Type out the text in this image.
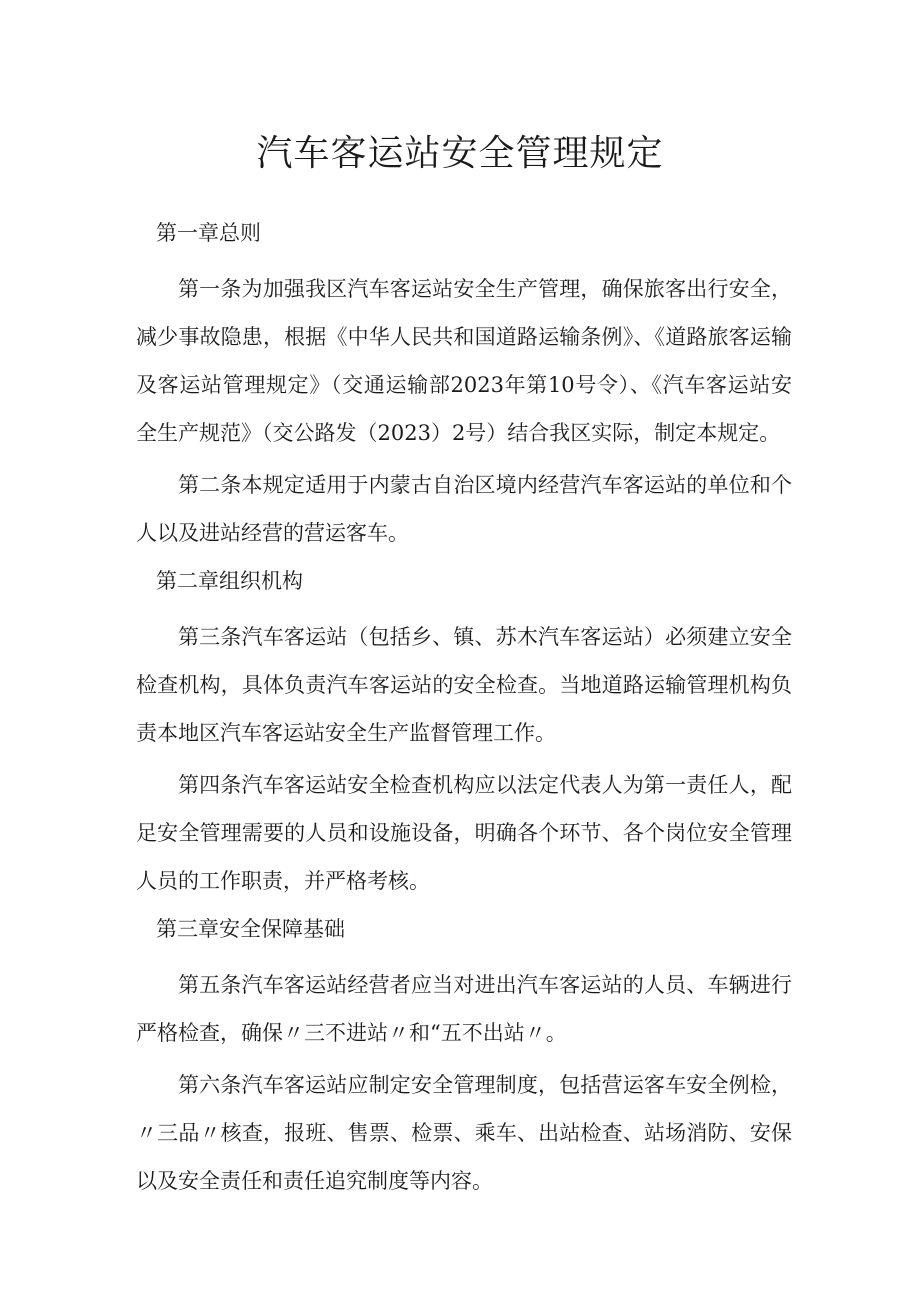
汽车客运站安全管理规定

第一章总则

第一条为加强我区汽车客运站安全生产管理，确保旅客出行安全，减少事故隐患，根据《中华人民共和国道路运输条例》、《道路旅客运输及客运站管理规定》（交通运输部2023年第10号令）、《汽车客运站安全生产规范》（交公路发（2023）2号）结合我区实际，制定本规定。

第二条本规定适用于内蒙古自治区境内经营汽车客运站的单位和个人以及进站经营的营运客车。

第二章组织机构

第三条汽车客运站（包括乡、镇、苏木汽车客运站）必须建立安全检查机构，具体负责汽车客运站的安全检查。当地道路运输管理机构负责本地区汽车客运站安全生产监督管理工作。

第四条汽车客运站安全检查机构应以法定代表人为第一责任人，配足安全管理需要的人员和设施设备，明确各个环节、各个岗位安全管理人员的工作职责，并严格考核。

第三章安全保障基础

第五条汽车客运站经营者应当对进出汽车客运站的人员、车辆进行严格检查，确保〃三不进站〃和“五不出站〃。

第六条汽车客运站应制定安全管理制度，包括营运客车安全例检，〃三品〃核查，报班、售票、检票、乘车、出站检查、站场消防、安保以及安全责任和责任追究制度等内容。
